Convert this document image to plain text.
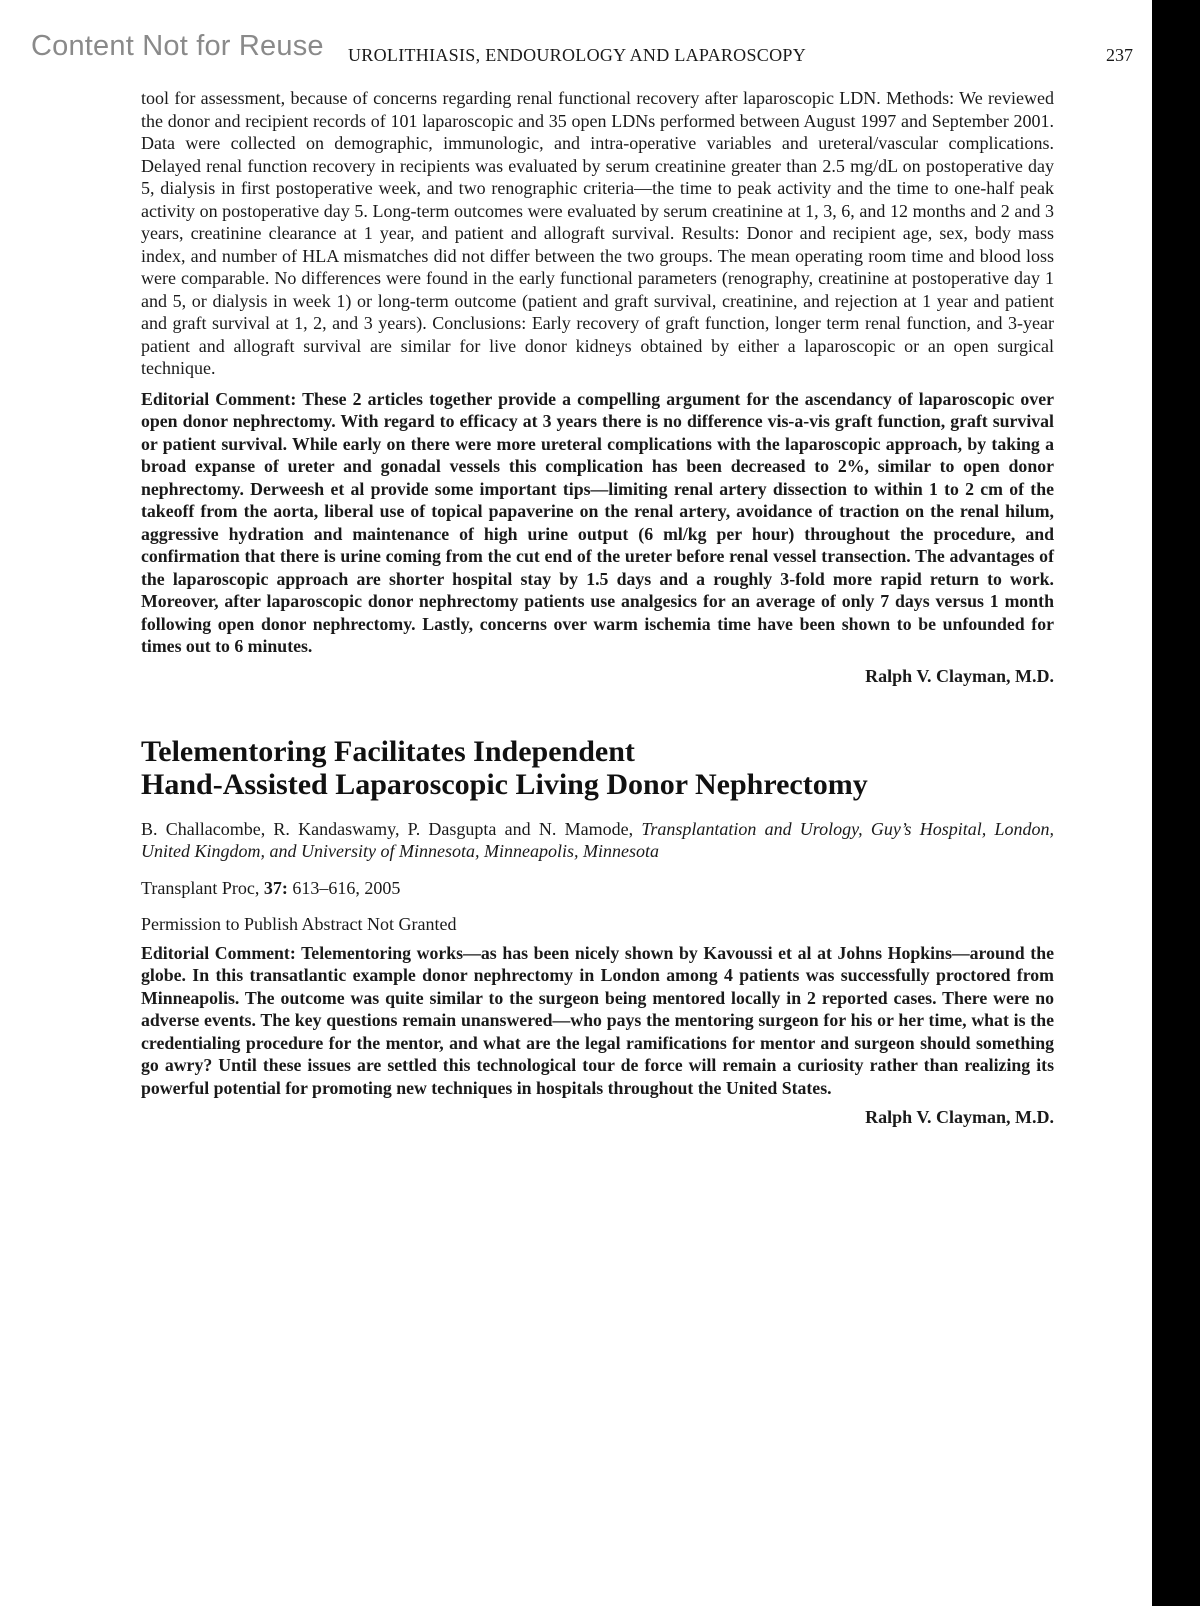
Content Not for Reuse UROLITHIASIS, ENDOUROLOGY AND LAPAROSCOPY	237

tool for assessment, because of concerns regarding renal functional recovery after laparoscopic LDN. Methods: We reviewed the donor and recipient records of 101 laparoscopic and 35 open LDNs performed between August 1997 and September 2001. Data were collected on demographic, immunologic, and intra-operative variables and ureteral/vascular complications. Delayed renal function recovery in recipients was evaluated by serum creatinine greater than 2.5 mg/dL on postoperative day 5, dialysis in first postoperative week, and two renographic criteria—the time to peak activity and the time to one-half peak activity on postoperative day 5. Long-term outcomes were evaluated by serum creatinine at 1, 3, 6, and 12 months and 2 and 3 years, creatinine clearance at 1 year, and patient and allograft survival. Results: Donor and recipient age, sex, body mass index, and number of HLA mismatches did not differ between the two groups. The mean operating room time and blood loss were comparable. No differences were found in the early functional parameters (renography, creatinine at postoperative day 1 and 5, or dialysis in week 1) or long-term outcome (patient and graft survival, creatinine, and rejection at 1 year and patient and graft survival at 1, 2, and 3 years). Conclusions: Early recovery of graft function, longer term renal function, and 3-year patient and allograft survival are similar for live donor kidneys obtained by either a laparoscopic or an open surgical technique.

Editorial Comment: These 2 articles together provide a compelling argument for the ascendancy of laparoscopic over open donor nephrectomy. With regard to efficacy at 3 years there is no difference vis-a-vis graft function, graft survival or patient survival. While early on there were more ureteral complications with the laparoscopic approach, by taking a broad expanse of ureter and gonadal vessels this complication has been decreased to 2%, similar to open donor nephrectomy. Derweesh et al provide some important tips—limiting renal artery dissection to within 1 to 2 cm of the takeoff from the aorta, liberal use of topical papaverine on the renal artery, avoidance of traction on the renal hilum, aggressive hydration and maintenance of high urine output (6 ml/kg per hour) throughout the procedure, and confirmation that there is urine coming from the cut end of the ureter before renal vessel transection. The advantages of the laparoscopic approach are shorter hospital stay by 1.5 days and a roughly 3-fold more rapid return to work. Moreover, after laparoscopic donor nephrectomy patients use analgesics for an average of only 7 days versus 1 month following open donor nephrectomy. Lastly, concerns over warm ischemia time have been shown to be unfounded for times out to 6 minutes.

Ralph V. Clayman, M.D.

Telementoring Facilitates Independent
Hand-Assisted Laparoscopic Living Donor Nephrectomy

B. Challacombe, R. Kandaswamy, P. Dasgupta and N. Mamode, Transplantation and Urology, Guy’s Hospital, London, United Kingdom, and University of Minnesota, Minneapolis, Minnesota

Transplant Proc, 37: 613–616, 2005

Permission to Publish Abstract Not Granted

Editorial Comment: Telementoring works—as has been nicely shown by Kavoussi et al at Johns Hopkins—around the globe. In this transatlantic example donor nephrectomy in London among 4 patients was successfully proctored from Minneapolis. The outcome was quite similar to the surgeon being mentored locally in 2 reported cases. There were no adverse events. The key questions remain unanswered—who pays the mentoring surgeon for his or her time, what is the credentialing procedure for the mentor, and what are the legal ramifications for mentor and surgeon should something go awry? Until these issues are settled this technological tour de force will remain a curiosity rather than realizing its powerful potential for promoting new techniques in hospitals throughout the United States.

Ralph V. Clayman, M.D.
